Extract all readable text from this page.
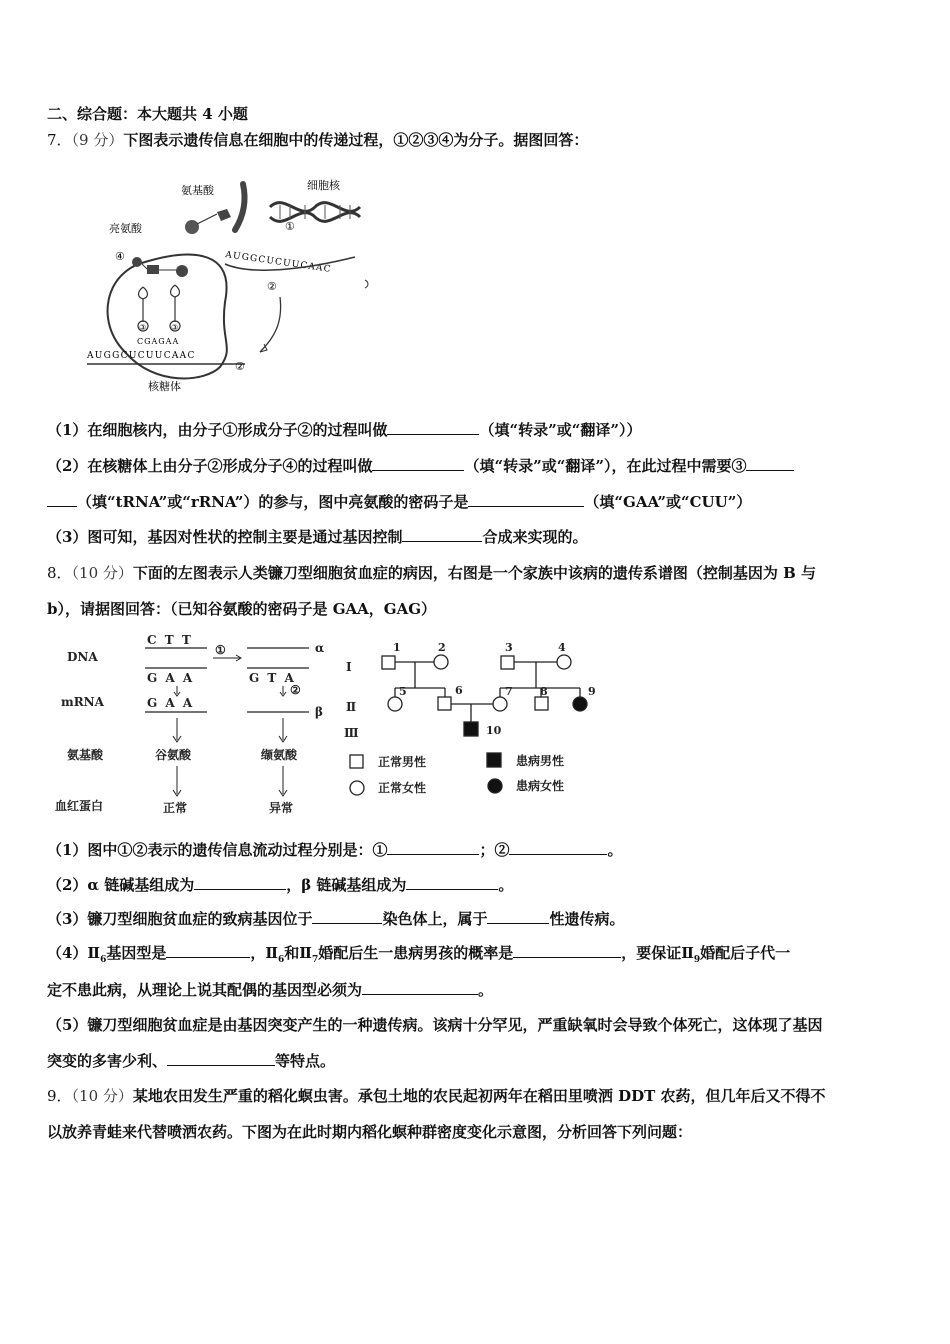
二、综合题：本大题共 4 小题
7．（9 分）下图表示遗传信息在细胞中的传递过程，①②③④为分子。据图回答：
氨基酸	细胞核
亮氨酸	①
AUGGCUCUUCAAC
②
核糖体
④
③	③
CGAGAA
AUGGCUCUUCAAC
②
（1）在细胞核内，由分子①形成分子②的过程叫做	（填“转录”或“翻译”））
（2）在核糖体上由分子②形成分子④的过程叫做	（填“转录”或“翻译”），在此过程中需要③
（填“tRNA”或“rRNA”）的参与，图中亮氨酸的密码子是	（填“GAA”或“CUU”）
（3）图可知，基因对性状的控制主要是通过基因控制	合成来实现的。
8．（10 分）下面的左图表示人类镰刀型细胞贫血症的病因，右图是一个家族中该病的遗传系谱图（控制基因为 B 与
b），请据图回答：（已知谷氨酸的密码子是 GAA，GAG）
DNA
mRNA
氨基酸
血红蛋白
C T T
G A A
G A A
谷氨酸
正常
①	α
G T A
②
β
缬氨酸
异常
Ⅰ
Ⅱ
Ⅲ
1	2	3	4
5	6	7 8	9
10
正常男性	患病男性
正常女性	患病女性
（1）图中①②表示的遗传信息流动过程分别是：①	；②	。
（2）α 链碱基组成为	，β 链碱基组成为	。
（3）镰刀型细胞贫血症的致病基因位于	染色体上，属于	性遗传病。
$(4)Ⅱ_6$基因型是	，$Ⅱ_6$和$Ⅱ_7$婚配后生一患病男孩的概率是	，要保证$Ⅱ_9$婚配后子代一
定不患此病，从理论上说其配偶的基因型必须为	。
（5）镰刀型细胞贫血症是由基因突变产生的一种遗传病。该病十分罕见，严重缺氧时会导致个体死亡，这体现了基因
突变的多害少利、	等特点。
9．（10 分）某地农田发生严重的稻化螟虫害。承包土地的农民起初两年在稻田里喷洒 DDT 农药，但几年后又不得不
以放养青蛙来代替喷洒农药。下图为在此时期内稻化螟种群密度变化示意图，分析回答下列问题：
